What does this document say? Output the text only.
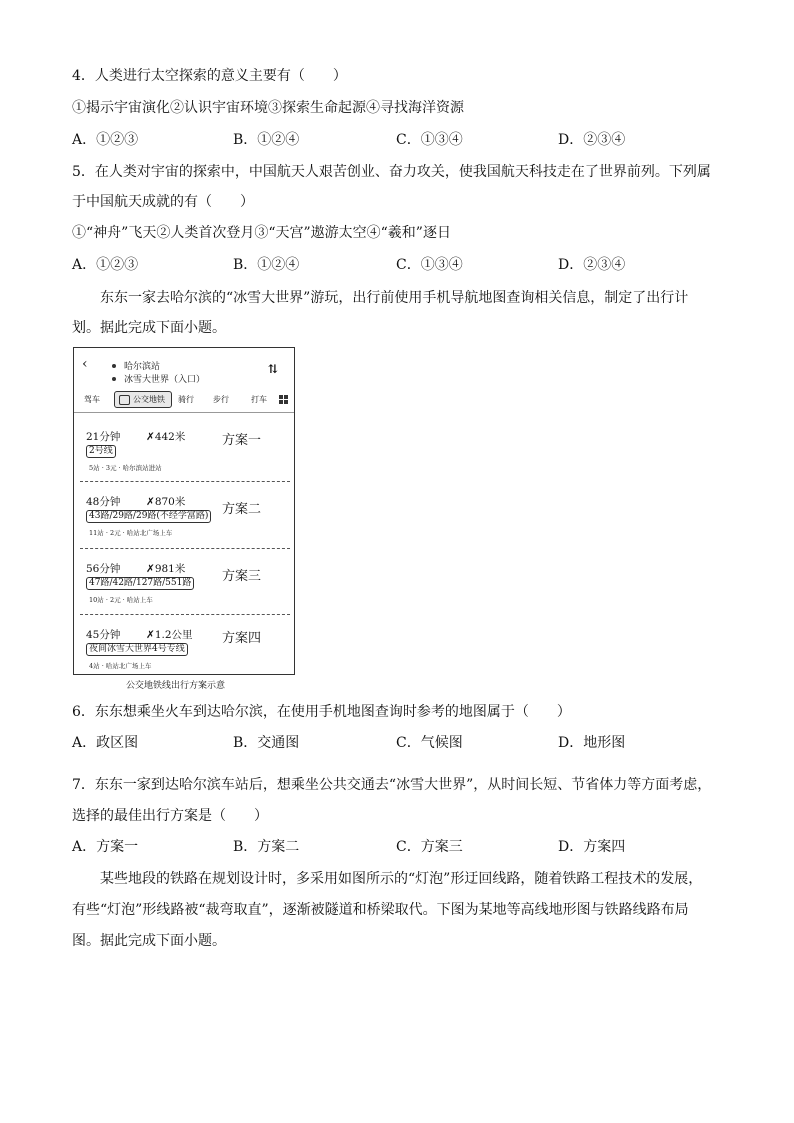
4．人类进行太空探索的意义主要有（　　）
①揭示宇宙演化②认识宇宙环境③探索生命起源④寻找海洋资源
A．①②③	B．①②④	C．①③④	D．②③④
5．在人类对宇宙的探索中，中国航天人艰苦创业、奋力攻关，使我国航天科技走在了世界前列。下列属
于中国航天成就的有（　　）
①“神舟”飞天②人类首次登月③“天宫”遨游太空④“羲和”逐日
A．①②③	B．①②④	C．①③④	D．②③④
东东一家去哈尔滨的“冰雪大世界”游玩，出行前使用手机导航地图查询相关信息，制定了出行计
划。据此完成下面小题。
‹	哈尔滨站
冰雪大世界（入口）
⇅
驾车	公交地铁	骑行 步行	打车
21分钟 ✗442米	方案一
2号线
5站 · 3元 · 哈尔滨站进站
48分钟 ✗870米	方案二
43路/29路/29路(不经学富路)
11站 · 2元 · 哈站北广场上车
56分钟 ✗981米	方案三
47路/42路/127路/551路
10站 · 2元 · 哈站上车
45分钟 ✗1.2公里 方案四
夜间冰雪大世界4号专线
4站 · 哈站北广场上车
公交地铁线出行方案示意
6．东东想乘坐火车到达哈尔滨，在使用手机地图查询时参考的地图属于（　　）
A．政区图	B．交通图	C．气候图	D．地形图
7．东东一家到达哈尔滨车站后，想乘坐公共交通去“冰雪大世界”，从时间长短、节省体力等方面考虑，
选择的最佳出行方案是（　　）
A．方案一	B．方案二	C．方案三	D．方案四
某些地段的铁路在规划设计时，多采用如图所示的“灯泡”形迂回线路，随着铁路工程技术的发展，
有些“灯泡”形线路被“裁弯取直”，逐渐被隧道和桥梁取代。下图为某地等高线地形图与铁路线路布局
图。据此完成下面小题。
